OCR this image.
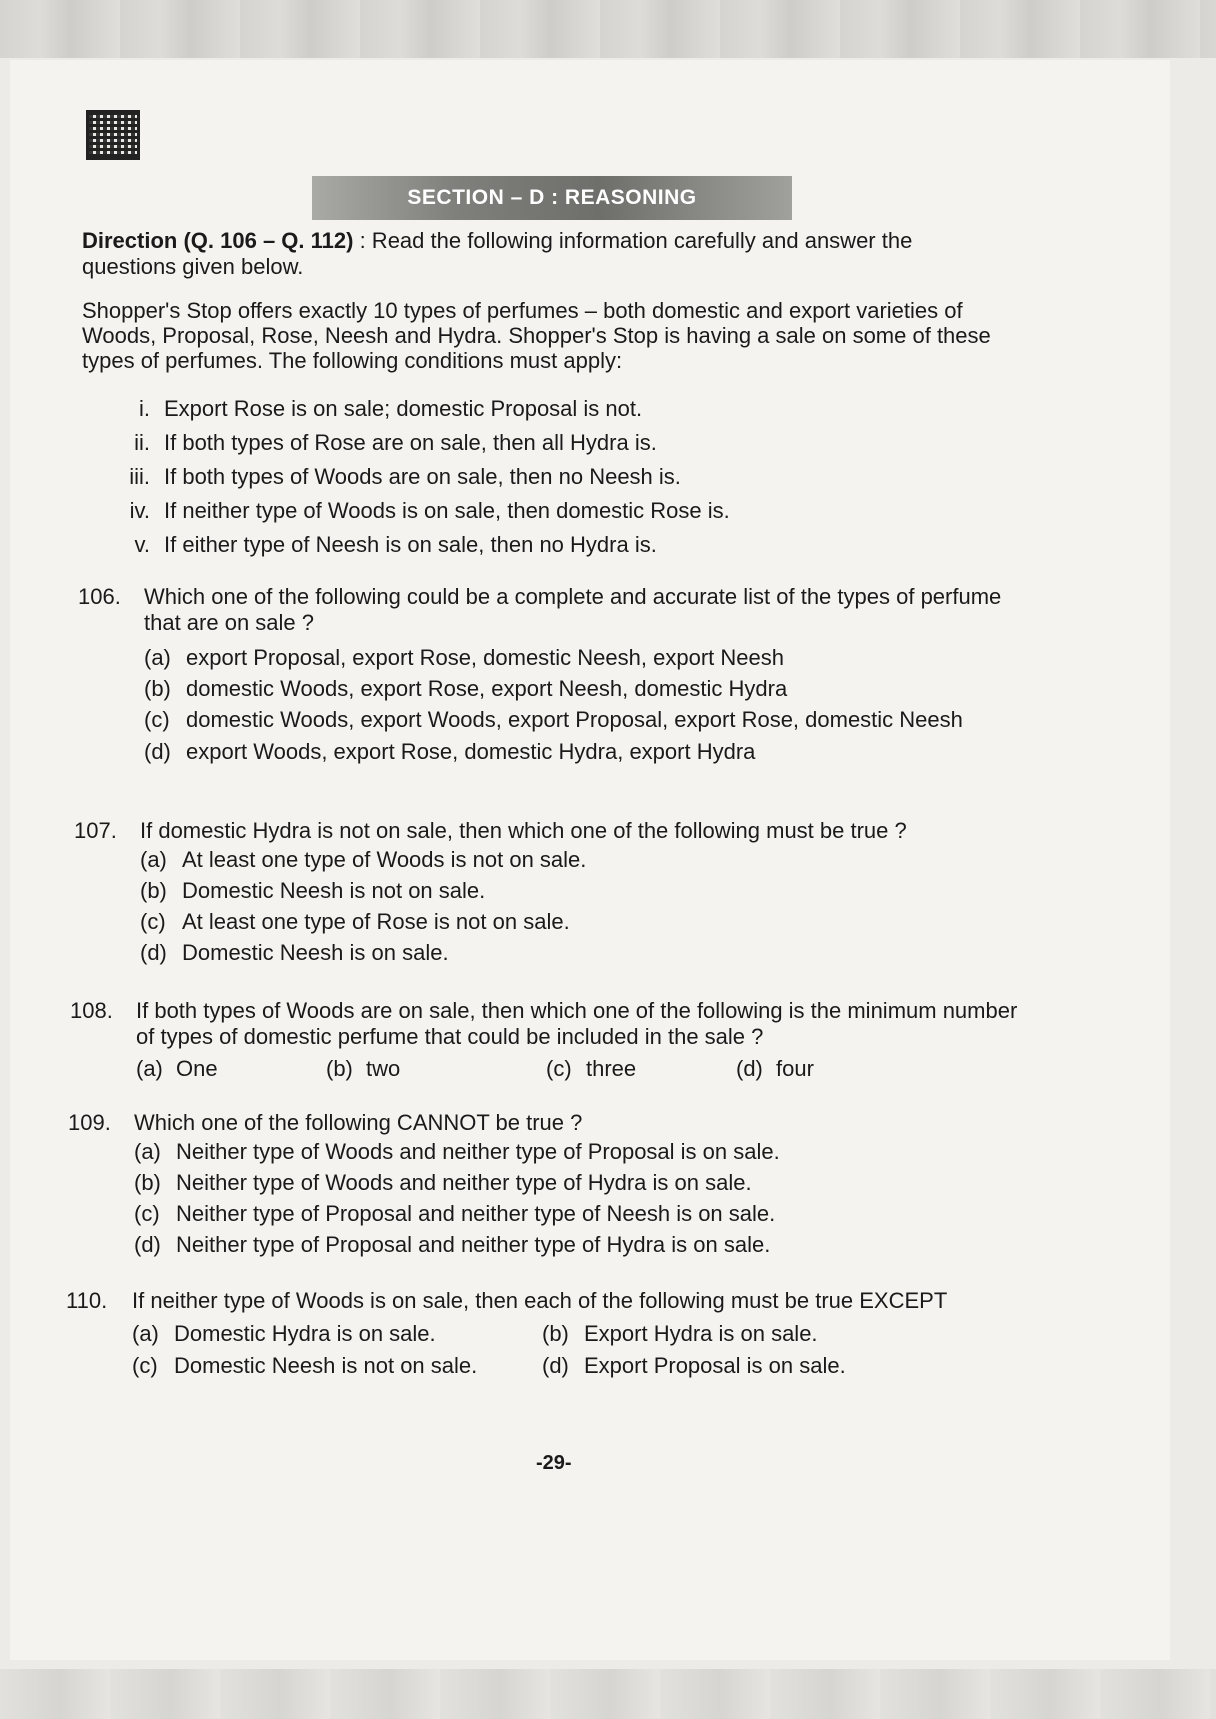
SECTION – D : REASONING
Direction (Q. 106 – Q. 112) : Read the following information carefully and answer the questions given below.
Shopper's Stop offers exactly 10 types of perfumes – both domestic and export varieties of Woods, Proposal, Rose, Neesh and Hydra. Shopper's Stop is having a sale on some of these types of perfumes. The following conditions must apply:
i. Export Rose is on sale; domestic Proposal is not.
ii. If both types of Rose are on sale, then all Hydra is.
iii. If both types of Woods are on sale, then no Neesh is.
iv. If neither type of Woods is on sale, then domestic Rose is.
v. If either type of Neesh is on sale, then no Hydra is.
106.	Which one of the following could be a complete and accurate list of the types of perfume that are on sale ?
(a) export Proposal, export Rose, domestic Neesh, export Neesh
(b) domestic Woods, export Rose, export Neesh, domestic Hydra
(c) domestic Woods, export Woods, export Proposal, export Rose, domestic Neesh
(d) export Woods, export Rose, domestic Hydra, export Hydra
107.	If domestic Hydra is not on sale, then which one of the following must be true ?
(a) At least one type of Woods is not on sale.
(b) Domestic Neesh is not on sale.
(c) At least one type of Rose is not on sale.
(d) Domestic Neesh is on sale.
108.	If both types of Woods are on sale, then which one of the following is the minimum number of types of domestic perfume that could be included in the sale ?
(a) One	(b) two	(c) three	(d) four
109.	Which one of the following CANNOT be true ?
(a) Neither type of Woods and neither type of Proposal is on sale.
(b) Neither type of Woods and neither type of Hydra is on sale.
(c) Neither type of Proposal and neither type of Neesh is on sale.
(d) Neither type of Proposal and neither type of Hydra is on sale.
110.	If neither type of Woods is on sale, then each of the following must be true EXCEPT
(a) Domestic Hydra is on sale.	(b) Export Hydra is on sale.
(c) Domestic Neesh is not on sale.	(d) Export Proposal is on sale.
-29-
